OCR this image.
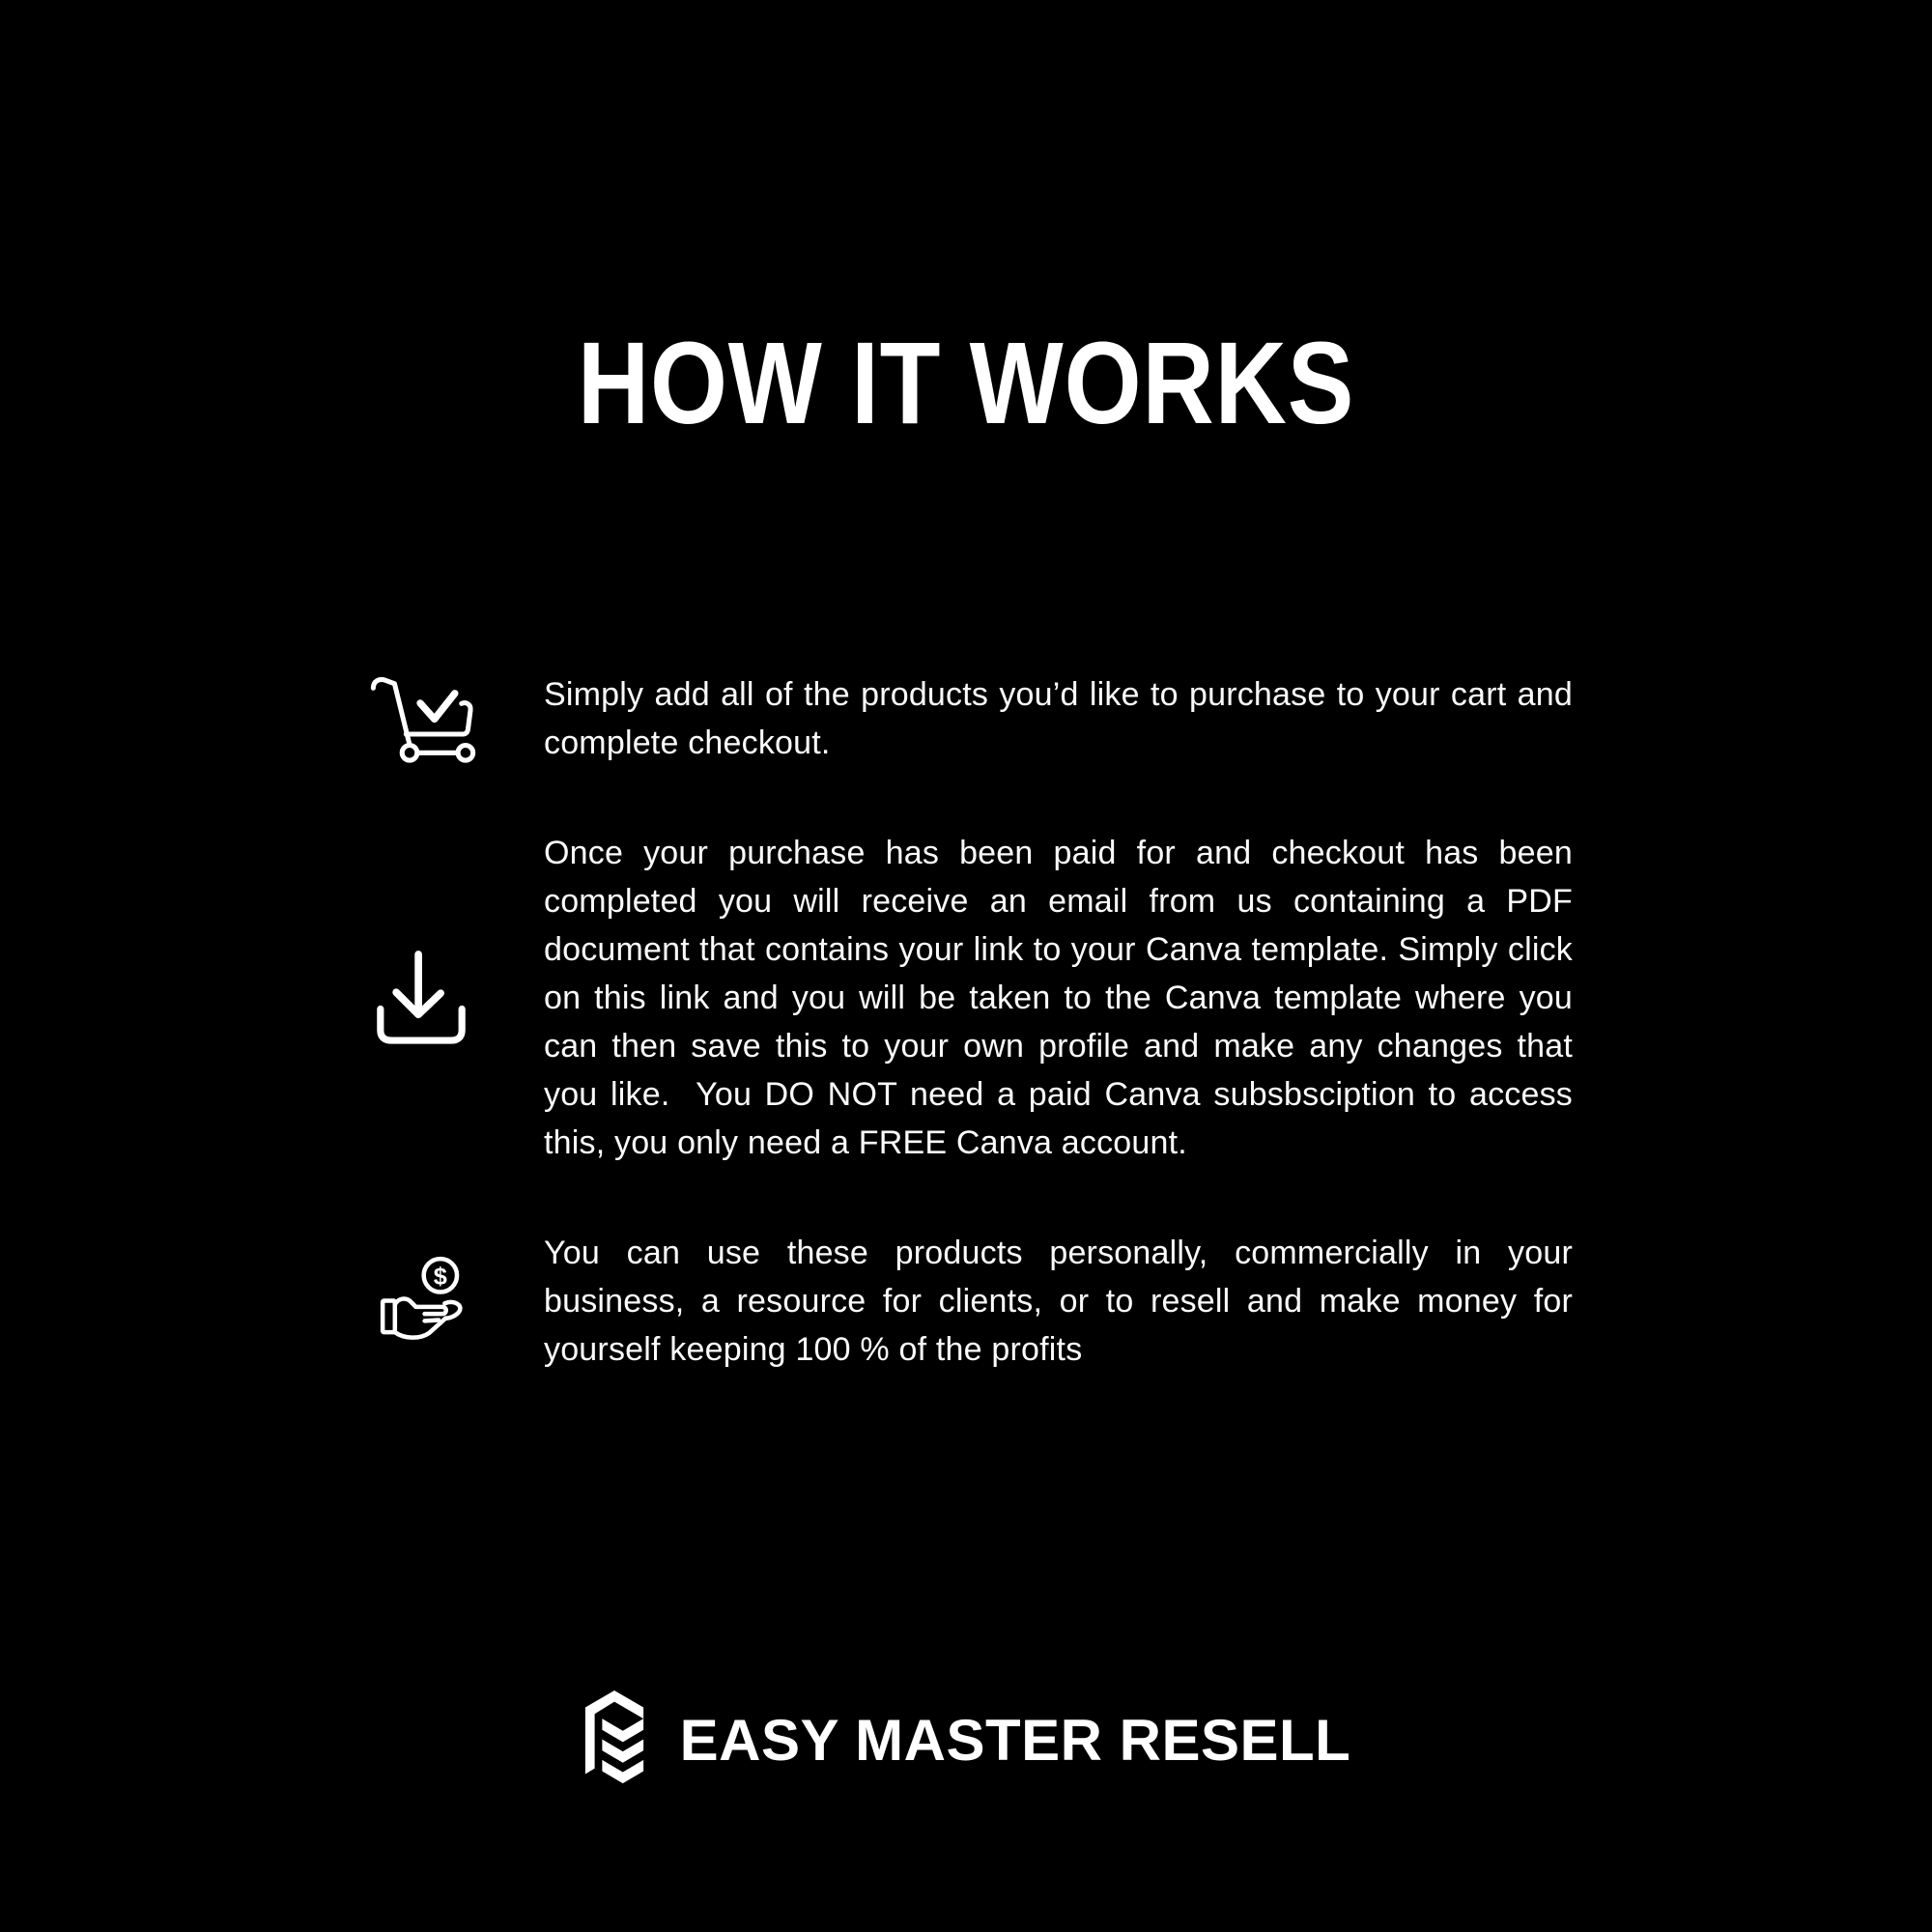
HOW IT WORKS
Simply add all of the products you’d like to purchase to your cart and complete checkout.
Once your purchase has been paid for and checkout has been completed you will receive an email from us containing a PDF document that contains your link to your Canva template. Simply click on this link and you will be taken to the Canva template where you can then save this to your own profile and make any changes that you like.  You DO NOT need a paid Canva subsbsciption to access this, you only need a FREE Canva account.
$
You can use these products personally, commercially in your business, a resource for clients, or to resell and make money for yourself keeping 100 % of the profits
EASY MASTER RESELL
